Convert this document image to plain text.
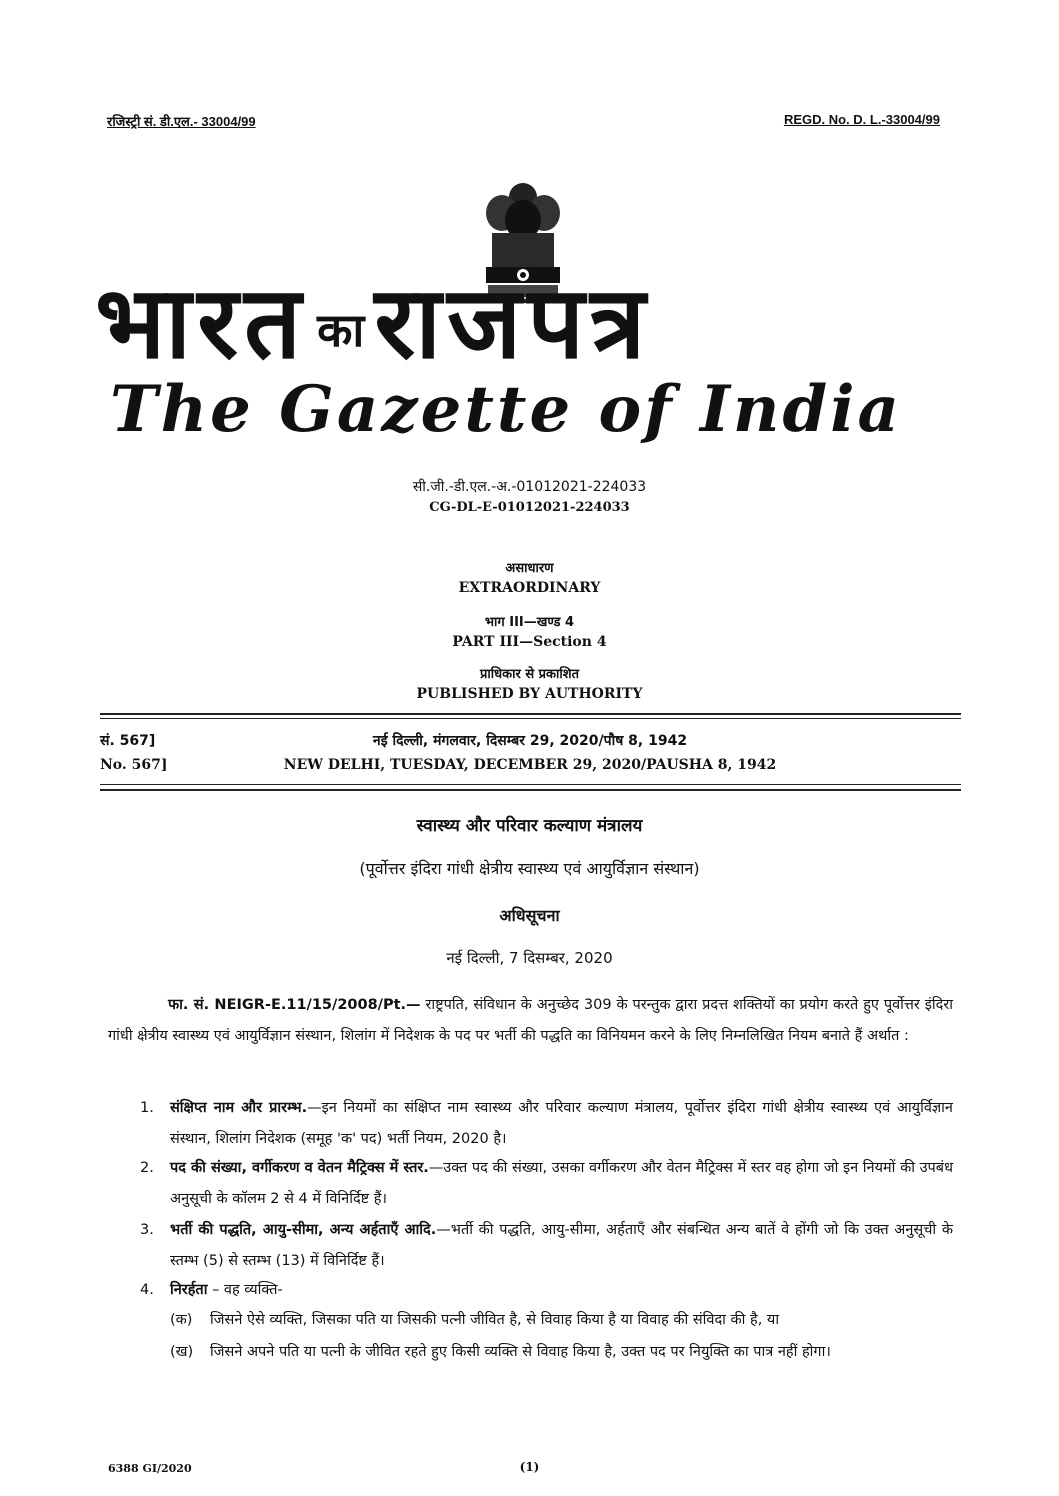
रजिस्ट्री सं. डी.एल.- 33004/99	REGD. No. D. L.-33004/99
भारत का राजपत्र
The Gazette of India
सी.जी.-डी.एल.-अ.-01012021-224033
CG-DL-E-01012021-224033
असाधारण
EXTRAORDINARY
भाग III—खण्ड 4
PART III—Section 4
प्राधिकार से प्रकाशित
PUBLISHED BY AUTHORITY
सं. 567]	नई दिल्ली, मंगलवार, दिसम्बर 29, 2020/पौष 8, 1942
No. 567]	NEW DELHI, TUESDAY, DECEMBER 29, 2020/PAUSHA 8, 1942
स्वास्थ्य और परिवार कल्याण मंत्रालय
(पूर्वोत्तर इंदिरा गांधी क्षेत्रीय स्वास्थ्य एवं आयुर्विज्ञान संस्थान)
अधिसूचना
नई दिल्ली, 7 दिसम्बर, 2020
फा. सं. NEIGR-E.11/15/2008/Pt.— राष्ट्रपति, संविधान के अनुच्छेद 309 के परन्तुक द्वारा प्रदत्त शक्तियों का प्रयोग करते हुए पूर्वोत्तर इंदिरा गांधी क्षेत्रीय स्वास्थ्य एवं आयुर्विज्ञान संस्थान, शिलांग में निदेशक के पद पर भर्ती की पद्धति का विनियमन करने के लिए निम्नलिखित नियम बनाते हैं अर्थात :
1. संक्षिप्त नाम और प्रारम्भ.—इन नियमों का संक्षिप्त नाम स्वास्थ्य और परिवार कल्याण मंत्रालय, पूर्वोत्तर इंदिरा गांधी क्षेत्रीय स्वास्थ्य एवं आयुर्विज्ञान संस्थान, शिलांग निदेशक (समूह 'क' पद) भर्ती नियम, 2020 है।
2. पद की संख्या, वर्गीकरण व वेतन मैट्रिक्स में स्तर.—उक्त पद की संख्या, उसका वर्गीकरण और वेतन मैट्रिक्स में स्तर वह होगा जो इन नियमों की उपबंध अनुसूची के कॉलम 2 से 4 में विनिर्दिष्ट हैं।
3. भर्ती की पद्धति, आयु-सीमा, अन्य अर्हताएँ आदि.—भर्ती की पद्धति, आयु-सीमा, अर्हताएँ और संबन्धित अन्य बातें वे होंगी जो कि उक्त अनुसूची के स्तम्भ (5) से स्तम्भ (13) में विनिर्दिष्ट हैं।
4. निरर्हता – वह व्यक्ति-
(क) जिसने ऐसे व्यक्ति, जिसका पति या जिसकी पत्नी जीवित है, से विवाह किया है या विवाह की संविदा की है, या
(ख) जिसने अपने पति या पत्नी के जीवित रहते हुए किसी व्यक्ति से विवाह किया है, उक्त पद पर नियुक्ति का पात्र नहीं होगा।
6388 GI/2020	(1)
